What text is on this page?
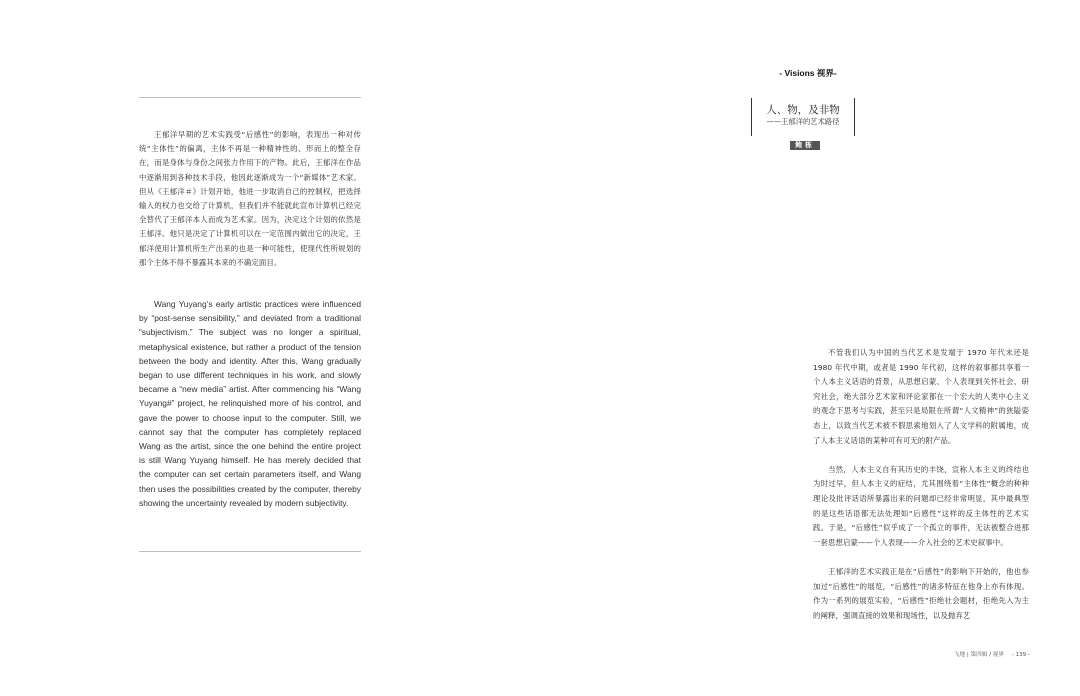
王郁洋早期的艺术实践受“后感性”的影响，表现出一种对传统“主体性”的偏离，主体不再是一种精神性的、形而上的整全存在，而是身体与身份之间张力作用下的产物。此后，王郁洋在作品中逐渐用到各种技术手段，他因此逐渐成为一个“新媒体”艺术家。但从《王郁洋＃》计划开始，他进一步取消自己的控制权，把选择输入的权力也交给了计算机，但我们并不能就此宣布计算机已经完全替代了王郁洋本人而成为艺术家。因为，决定这个计划的依然是王郁洋。他只是决定了计算机可以在一定范围内做出它的决定，王郁洋使用计算机所生产出来的也是一种可能性，使现代性所规划的那个主体不得不暴露其本来的不确定面目。
Wang Yuyang’s early artistic practices were influenced by “post-sense sensibility,” and deviated from a traditional “subjectivism.” The subject was no longer a spiritual, metaphysical existence, but rather a product of the tension between the body and identity. After this, Wang gradually began to use different techniques in his work, and slowly became a “new media” artist. After commencing his “Wang Yuyang#” project, he relinquished more of his control, and gave the power to choose input to the computer. Still, we cannot say that the computer has completely replaced Wang as the artist, since the one behind the entire project is still Wang Yuyang himself. He has merely decided that the computer can set certain parameters itself, and Wang then uses the possibilities created by the computer, thereby showing the uncertainty revealed by modern subjectivity.
- Visions 视界-
人、物，及非物
——王郁洋的艺术路径
鲍栋

不管我们认为中国的当代艺术是发端于 1970 年代末还是 1980 年代中期，或者是 1990 年代初，这样的叙事都共享着一个人本主义话语的背景，从思想启蒙、个人表现到关怀社会、研究社会，绝大部分艺术家和评论家都在一个宏大的人类中心主义的观念下思考与实践，甚至只是局限在所谓“人文精神”的狭隘姿态上，以致当代艺术被不假思索地划入了人文学科的附属地，成了人本主义话语的某种可有可无的附产品。

当然，人本主义自有其历史的丰饶，宣称人本主义的终结也为时过早，但人本主义的症结，尤其围绕着“主体性”概念的种种理论及批评话语所暴露出来的问题却已经非常明显，其中最典型的是这些话语都无法处理如“后感性”这样的反主体性的艺术实践。于是，“后感性”似乎成了一个孤立的事件，无法被整合进那一套思想启蒙——个人表现——介入社会的艺术史叙事中。

王郁洋的艺术实践正是在“后感性”的影响下开始的，他也参加过“后感性”的展览，“后感性”的诸多特征在他身上亦有体现。作为一系列的展览实验，“后感性”拒绝社会题材，拒绝先入为主的阐释，强调直接的效果和现场性，以及抛弃艺

飞地 | 第四辑 / 视界 - 139 -
